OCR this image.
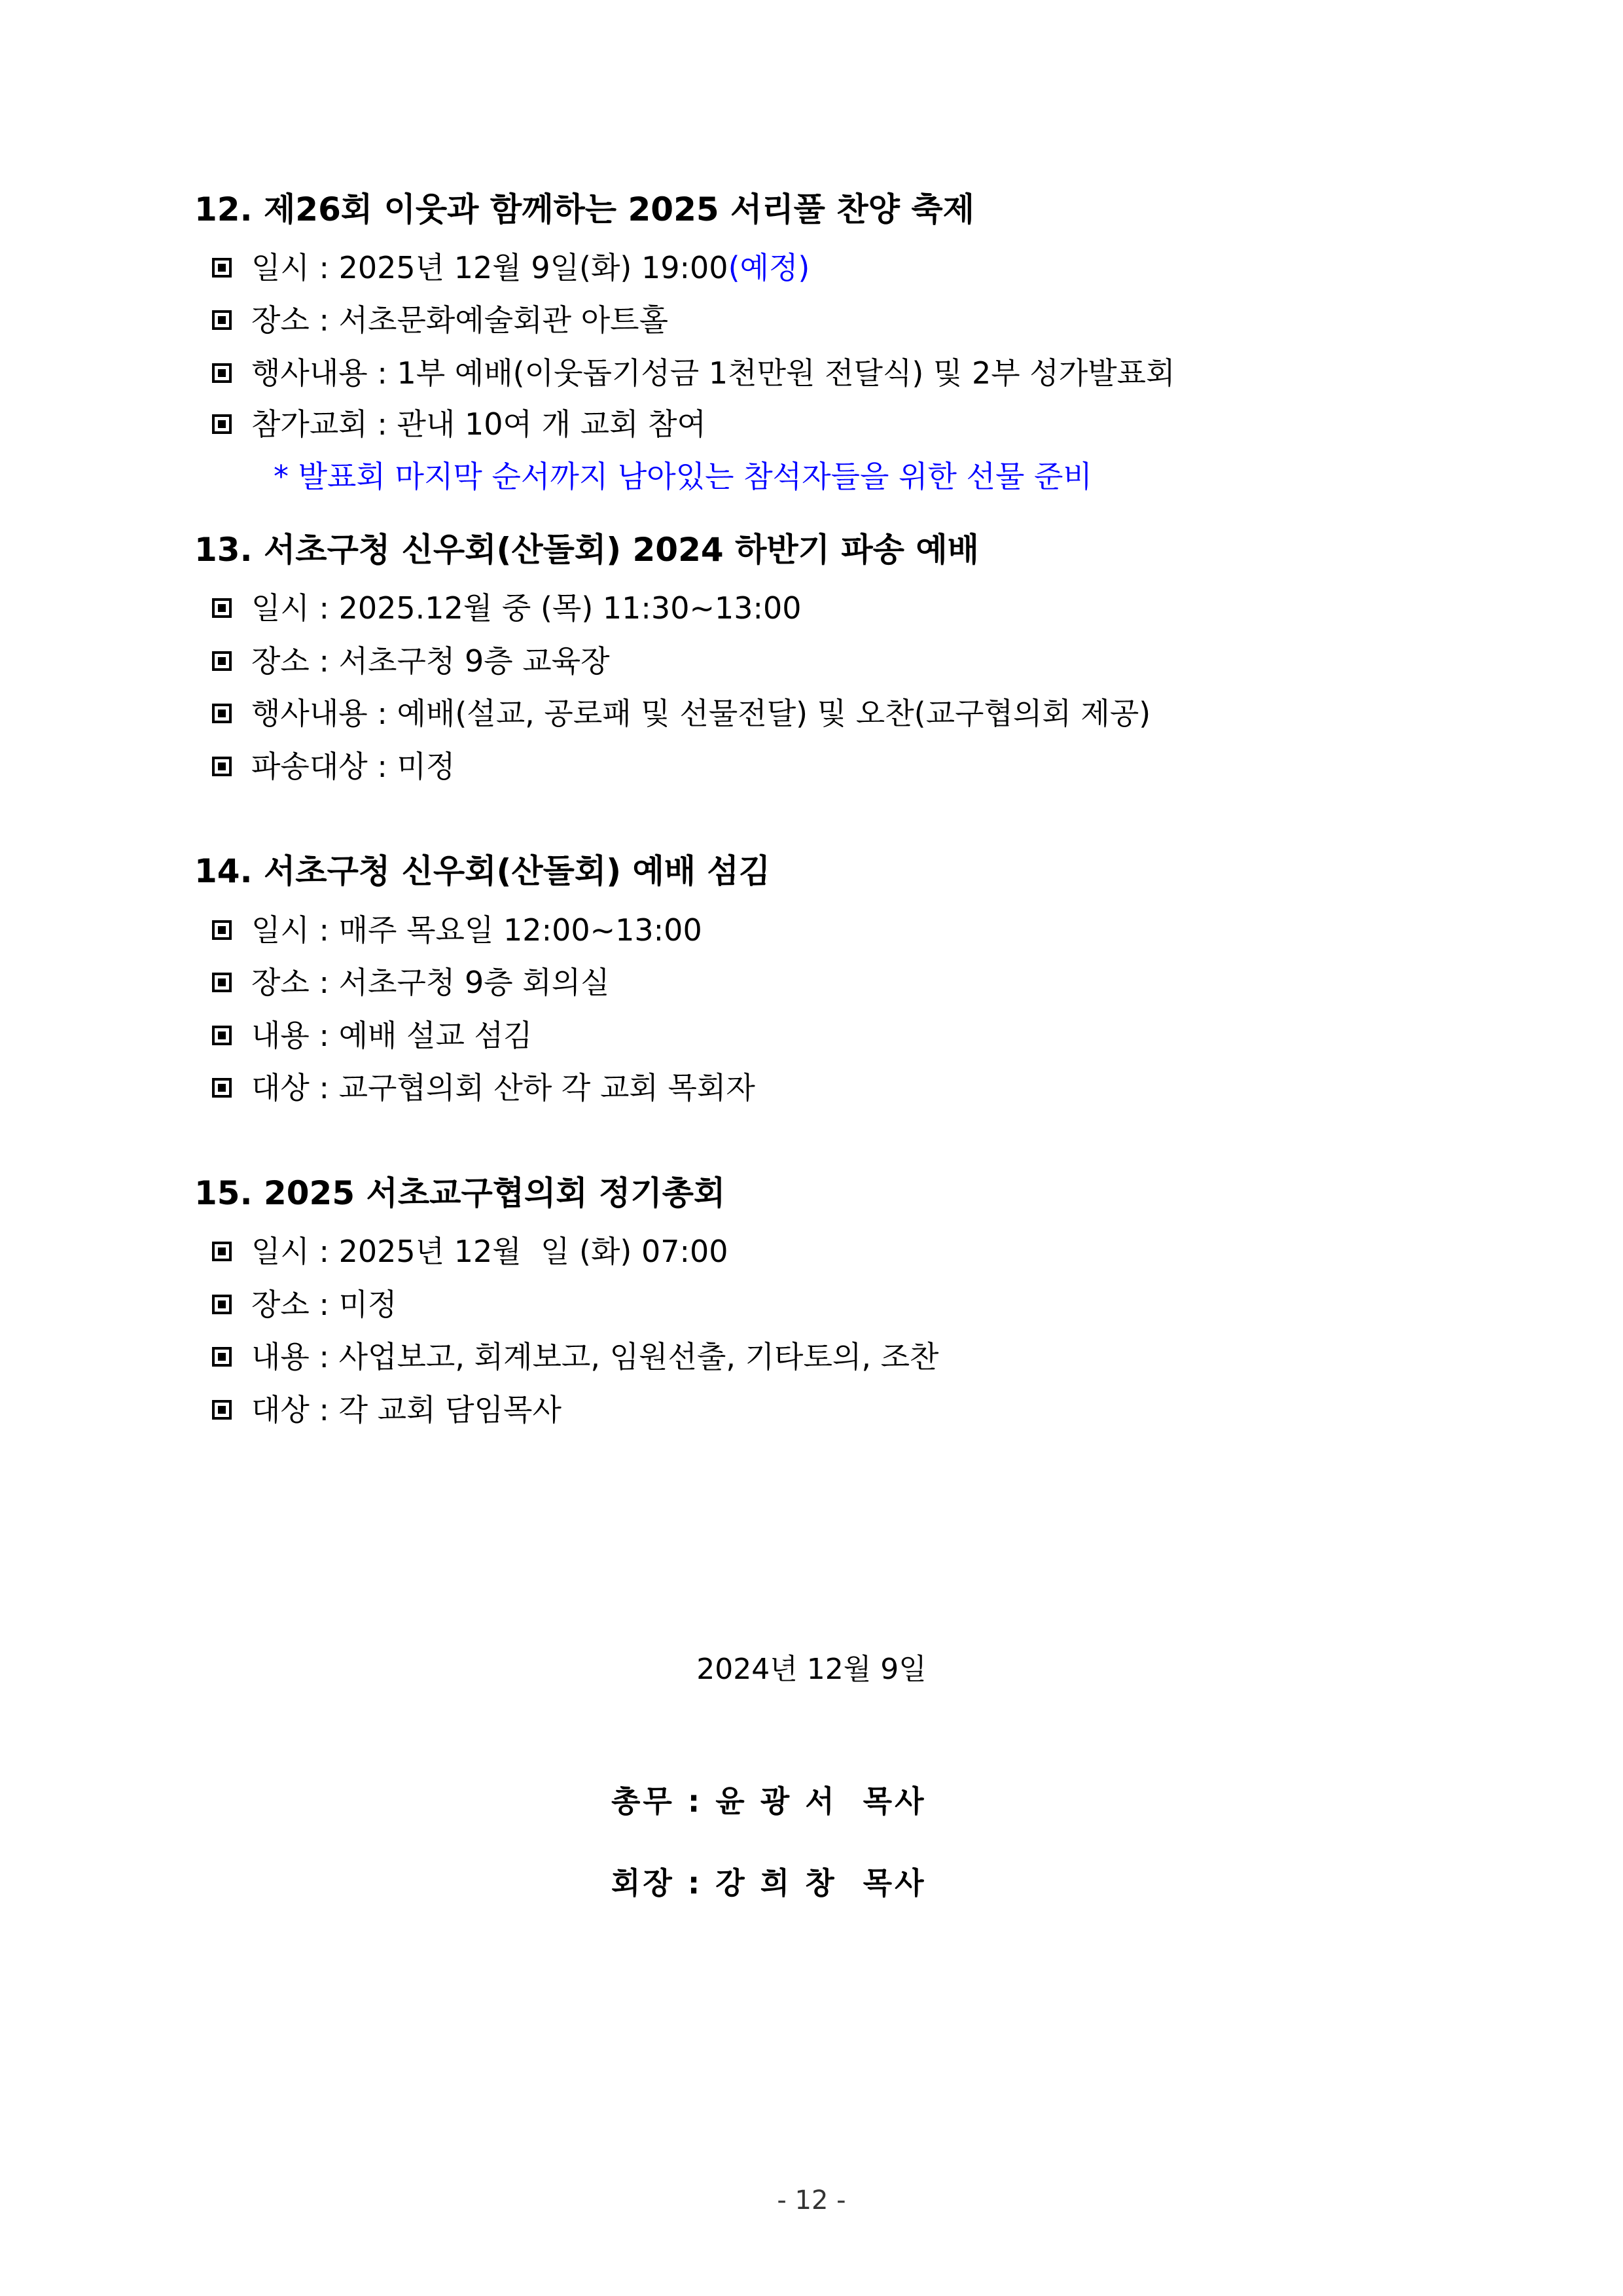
12. 제26회 이웃과 함께하는 2025 서리풀 찬양 축제
일시 : 2025년 12월 9일(화) 19:00(예정)
장소 : 서초문화예술회관 아트홀
행사내용 : 1부 예배(이웃돕기성금 1천만원 전달식) 및 2부 성가발표회
참가교회 : 관내 10여 개 교회 참여
* 발표회 마지막 순서까지 남아있는 참석자들을 위한 선물 준비
13. 서초구청 신우회(산돌회) 2024 하반기 파송 예배
일시 : 2025.12월 중 (목) 11:30~13:00
장소 : 서초구청 9층 교육장
행사내용 : 예배(설교, 공로패 및 선물전달) 및 오찬(교구협의회 제공)
파송대상 : 미정
14. 서초구청 신우회(산돌회) 예배 섬김
일시 : 매주 목요일 12:00~13:00
장소 : 서초구청 9층 회의실
내용 : 예배 설교 섬김
대상 : 교구협의회 산하 각 교회 목회자
15. 2025 서초교구협의회 정기총회
일시 : 2025년 12월  일 (화) 07:00
장소 : 미정
내용 : 사업보고, 회계보고, 임원선출, 기타토의, 조찬
대상 : 각 교회 담임목사
2024년 12월 9일
총무 : 윤 광 서  목사
회장 : 강 희 창  목사
- 12 -
